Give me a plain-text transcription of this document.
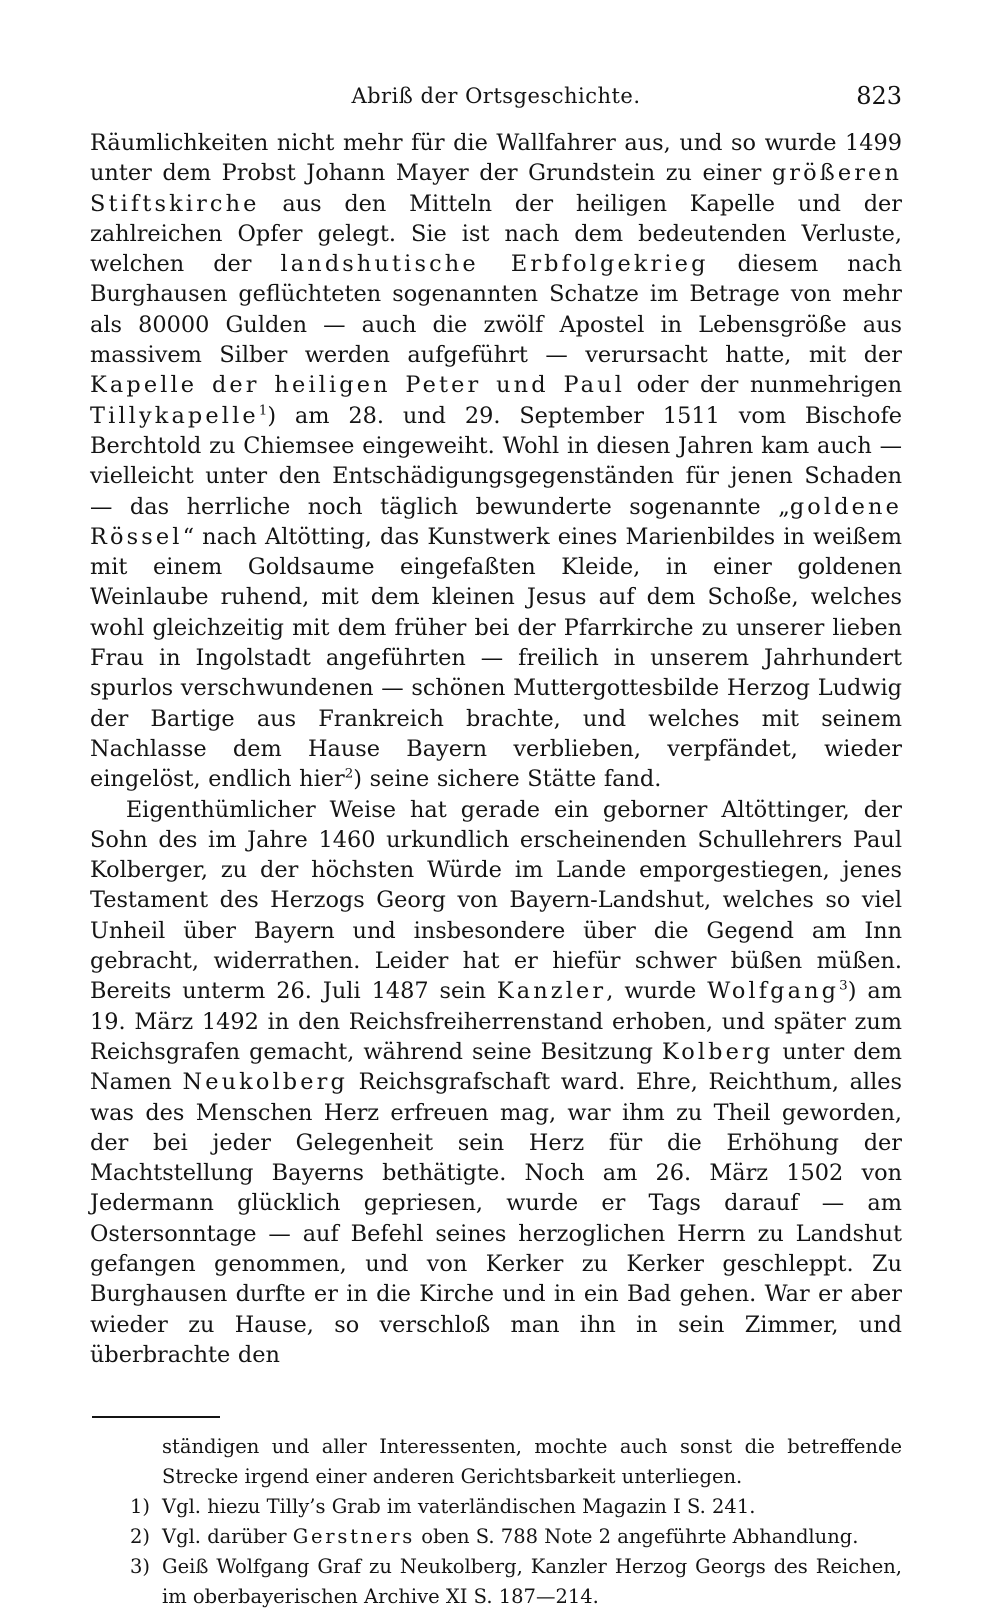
Abriß der Ortsgeschichte.	823

Räumlichkeiten nicht mehr für die Wallfahrer aus, und so wurde 1499 unter dem Probst Johann Mayer der Grundstein zu einer größeren Stiftskirche aus den Mitteln der heiligen Kapelle und der zahlreichen Opfer gelegt. Sie ist nach dem bedeutenden Verluste, welchen der landshutische Erbfolgekrieg diesem nach Burghausen geflüchteten sogenannten Schatze im Betrage von mehr als 80000 Gulden — auch die zwölf Apostel in Lebensgröße aus massivem Silber werden aufgeführt — verursacht hatte, mit der Kapelle der heiligen Peter und Paul oder der nunmehrigen Tillykapelle$^1$) am 28. und 29. September 1511 vom Bischofe Berchtold zu Chiemsee eingeweiht. Wohl in diesen Jahren kam auch — vielleicht unter den Entschädigungsgegenständen für jenen Schaden — das herrliche noch täglich bewunderte sogenannte „goldene Rössel“ nach Altötting, das Kunstwerk eines Marienbildes in weißem mit einem Goldsaume eingefaßten Kleide, in einer goldenen Weinlaube ruhend, mit dem kleinen Jesus auf dem Schoße, welches wohl gleichzeitig mit dem früher bei der Pfarrkirche zu unserer lieben Frau in Ingolstadt angeführten — freilich in unserem Jahrhundert spurlos verschwundenen — schönen Muttergottesbilde Herzog Ludwig der Bartige aus Frankreich brachte, und welches mit seinem Nachlasse dem Hause Bayern verblieben, verpfändet, wieder eingelöst, endlich hier$^2$) seine sichere Stätte fand.

Eigenthümlicher Weise hat gerade ein geborner Altöttinger, der Sohn des im Jahre 1460 urkundlich erscheinenden Schullehrers Paul Kolberger, zu der höchsten Würde im Lande emporgestiegen, jenes Testament des Herzogs Georg von Bayern-Landshut, welches so viel Unheil über Bayern und insbesondere über die Gegend am Inn gebracht, widerrathen. Leider hat er hiefür schwer büßen müßen. Bereits unterm 26. Juli 1487 sein Kanzler, wurde Wolfgang$^3$) am 19. März 1492 in den Reichsfreiherrenstand erhoben, und später zum Reichsgrafen gemacht, während seine Besitzung Kolberg unter dem Namen Neukolberg Reichsgrafschaft ward. Ehre, Reichthum, alles was des Menschen Herz erfreuen mag, war ihm zu Theil geworden, der bei jeder Gelegenheit sein Herz für die Erhöhung der Machtstellung Bayerns bethätigte. Noch am 26. März 1502 von Jedermann glücklich gepriesen, wurde er Tags darauf — am Ostersonntage — auf Befehl seines herzoglichen Herrn zu Landshut gefangen genommen, und von Kerker zu Kerker geschleppt. Zu Burghausen durfte er in die Kirche und in ein Bad gehen. War er aber wieder zu Hause, so verschloß man ihn in sein Zimmer, und überbrachte den

ständigen und aller Interessenten, mochte auch sonst die betreffende Strecke irgend einer anderen Gerichtsbarkeit unterliegen.
1) Vgl. hiezu Tilly’s Grab im vaterländischen Magazin I S. 241.
2) Vgl. darüber Gerstners oben S. 788 Note 2 angeführte Abhandlung.
3) Geiß Wolfgang Graf zu Neukolberg, Kanzler Herzog Georgs des Reichen, im oberbayerischen Archive XI S. 187—214.
